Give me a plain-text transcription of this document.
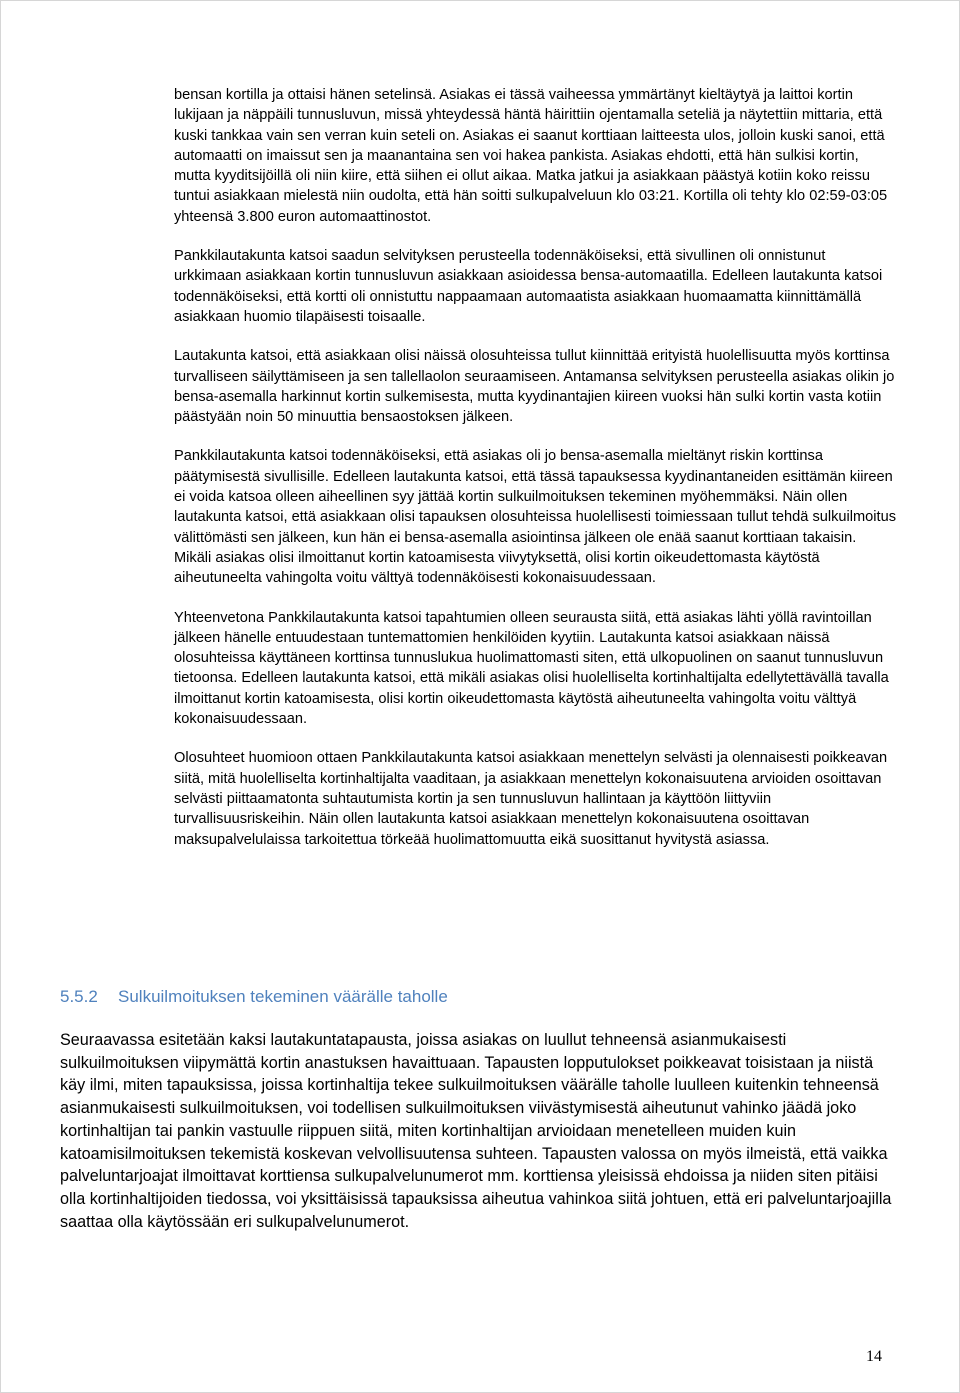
bensan kortilla ja ottaisi hänen setelinsä. Asiakas ei tässä vaiheessa ymmärtänyt kieltäytyä ja laittoi kortin lukijaan ja näppäili tunnusluvun, missä yhteydessä häntä häirittiin ojentamalla seteliä ja näytettiin mittaria, että kuski tankkaa vain sen verran kuin seteli on. Asiakas ei saanut korttiaan laitteesta ulos, jolloin kuski sanoi, että automaatti on imaissut sen ja maanantaina sen voi hakea pankista. Asiakas ehdotti, että hän sulkisi kortin, mutta kyyditsijöillä oli niin kiire, että siihen ei ollut aikaa. Matka jatkui ja asiakkaan päästyä kotiin koko reissu tuntui asiakkaan mielestä niin oudolta, että hän soitti sulkupalveluun klo 03:21. Kortilla oli tehty klo 02:59-03:05 yhteensä 3.800 euron automaattinostot.

Pankkilautakunta katsoi saadun selvityksen perusteella todennäköiseksi, että sivullinen oli onnistunut urkkimaan asiakkaan kortin tunnusluvun asiakkaan asioidessa bensa-automaatilla. Edelleen lautakunta katsoi todennäköiseksi, että kortti oli onnistuttu nappaamaan automaatista asiakkaan huomaamatta kiinnittämällä asiakkaan huomio tilapäisesti toisaalle.

Lautakunta katsoi, että asiakkaan olisi näissä olosuhteissa tullut kiinnittää erityistä huolellisuutta myös korttinsa turvalliseen säilyttämiseen ja sen tallellaolon seuraamiseen. Antamansa selvityksen perusteella asiakas olikin jo bensa-asemalla harkinnut kortin sulkemisesta, mutta kyydinantajien kiireen vuoksi hän sulki kortin vasta kotiin päästyään noin 50 minuuttia bensaostoksen jälkeen.

Pankkilautakunta katsoi todennäköiseksi, että asiakas oli jo bensa-asemalla mieltänyt riskin korttinsa päätymisestä sivullisille. Edelleen lautakunta katsoi, että tässä tapauksessa kyydinantaneiden esittämän kiireen ei voida katsoa olleen aiheellinen syy jättää kortin sulkuilmoituksen tekeminen myöhemmäksi. Näin ollen lautakunta katsoi, että asiakkaan olisi tapauksen olosuhteissa huolellisesti toimiessaan tullut tehdä sulkuilmoitus välittömästi sen jälkeen, kun hän ei bensa-asemalla asiointinsa jälkeen ole enää saanut korttiaan takaisin. Mikäli asiakas olisi ilmoittanut kortin katoamisesta viivytyksettä, olisi kortin oikeudettomasta käytöstä aiheutuneelta vahingolta voitu välttyä todennäköisesti kokonaisuudessaan.

Yhteenvetona Pankkilautakunta katsoi tapahtumien olleen seurausta siitä, että asiakas lähti yöllä ravintoillan jälkeen hänelle entuudestaan tuntemattomien henkilöiden kyytiin. Lautakunta katsoi asiakkaan näissä olosuhteissa käyttäneen korttinsa tunnuslukua huolimattomasti siten, että ulkopuolinen on saanut tunnusluvun tietoonsa. Edelleen lautakunta katsoi, että mikäli asiakas olisi huolelliselta kortinhaltijalta edellytettävällä tavalla ilmoittanut kortin katoamisesta, olisi kortin oikeudettomasta käytöstä aiheutuneelta vahingolta voitu välttyä kokonaisuudessaan.

Olosuhteet huomioon ottaen Pankkilautakunta katsoi asiakkaan menettelyn selvästi ja olennaisesti poikkeavan siitä, mitä huolelliselta kortinhaltijalta vaaditaan, ja asiakkaan menettelyn kokonaisuutena arvioiden osoittavan selvästi piittaamatonta suhtautumista kortin ja sen tunnusluvun hallintaan ja käyttöön liittyviin turvallisuusriskeihin. Näin ollen lautakunta katsoi asiakkaan menettelyn kokonaisuutena osoittavan maksupalvelulaissa tarkoitettua törkeää huolimattomuutta eikä suosittanut hyvitystä asiassa.

5.5.2 Sulkuilmoituksen tekeminen väärälle taholle

Seuraavassa esitetään kaksi lautakuntatapausta, joissa asiakas on luullut tehneensä asianmukaisesti sulkuilmoituksen viipymättä kortin anastuksen havaittuaan. Tapausten lopputulokset poikkeavat toisistaan ja niistä käy ilmi, miten tapauksissa, joissa kortinhaltija tekee sulkuilmoituksen väärälle taholle luulleen kuitenkin tehneensä asianmukaisesti sulkuilmoituksen, voi todellisen sulkuilmoituksen viivästymisestä aiheutunut vahinko jäädä joko kortinhaltijan tai pankin vastuulle riippuen siitä, miten kortinhaltijan arvioidaan menetelleen muiden kuin katoamisilmoituksen tekemistä koskevan velvollisuutensa suhteen. Tapausten valossa on myös ilmeistä, että vaikka palveluntarjoajat ilmoittavat korttiensa sulkupalvelunumerot mm. korttiensa yleisissä ehdoissa ja niiden siten pitäisi olla kortinhaltijoiden tiedossa, voi yksittäisissä tapauksissa aiheutua vahinkoa siitä johtuen, että eri palveluntarjoajilla saattaa olla käytössään eri sulkupalvelunumerot.

14
